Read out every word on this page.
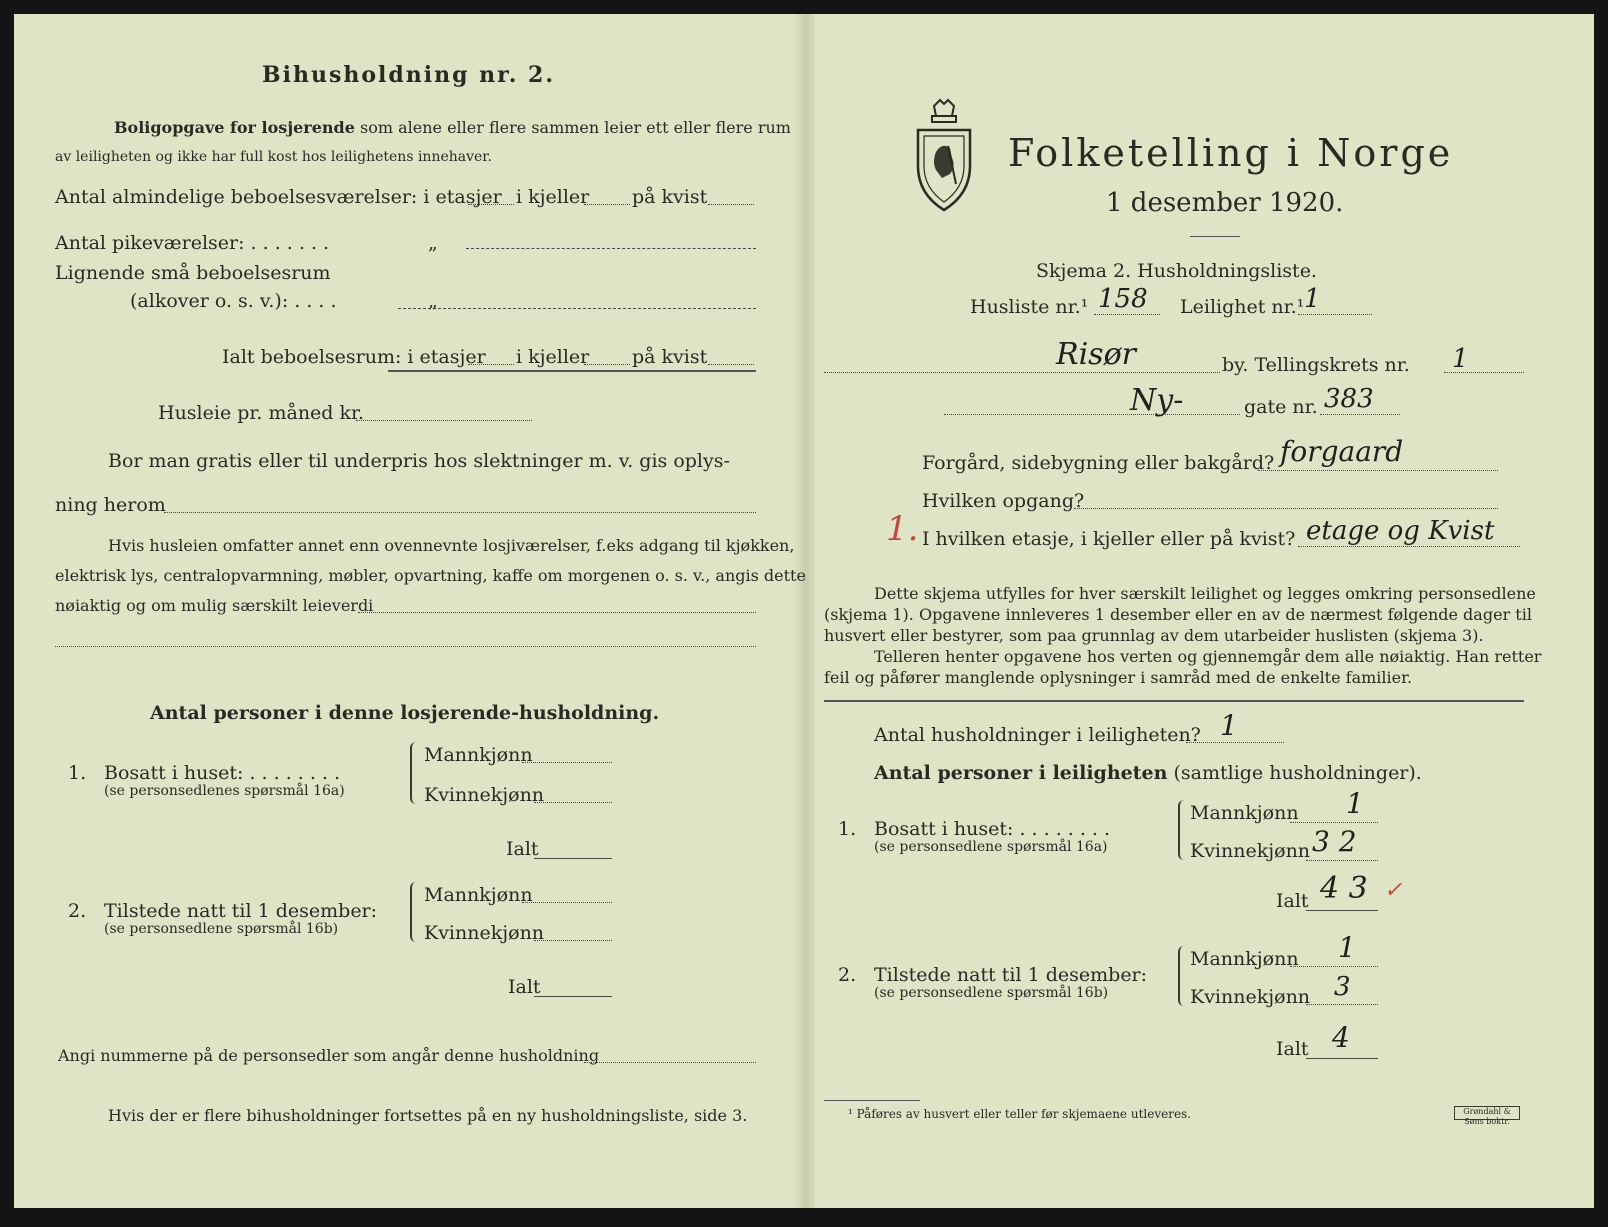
Bihusholdning nr. 2.
Boligopgave for losjerende som alene eller flere sammen leier ett eller flere rum
av leiligheten og ikke har full kost hos leilighetens innehaver.
Antal almindelige beboelsesværelser: i etasjer i kjeller på kvist
Antal pikeværelser: . . . . . . .	„
Lignende små beboelsesrum
(alkover o. s. v.): . . . .	„
Ialt beboelsesrum: i etasjer i kjeller på kvist
Husleie pr. måned kr.
Bor man gratis eller til underpris hos slektninger m. v. gis oplys-
ning herom
Hvis husleien omfatter annet enn ovennevnte losjiværelser, f.eks adgang til kjøkken,
elektrisk lys, centralopvarmning, møbler, opvartning, kaffe om morgenen o. s. v., angis dette
nøiaktig og om mulig særskilt leieverdi
Antal personer i denne losjerende-husholdning.
1. Bosatt i huset: . . . . . . . .
(se personsedlenes spørsmål 16a)
Mannkjønn
Kvinnekjønn
Ialt
2. Tilstede natt til 1 desember:
(se personsedlene spørsmål 16b)
Mannkjønn
Kvinnekjønn
Ialt
Angi nummerne på de personsedler som angår denne husholdning
Hvis der er flere bihusholdninger fortsettes på en ny husholdningsliste, side 3.
Folketelling i Norge
1 desember 1920.
Skjema 2. Husholdningsliste.
Husliste nr.¹ 158 Leilighet nr.¹ 1
Risør	by. Tellingskrets nr. 1
Ny-	gate nr. 383
Forgård, sidebygning eller bakgård? forgaard
Hvilken opgang?
1. I hvilken etasje, i kjeller eller på kvist? etage og Kvist
Dette skjema utfylles for hver særskilt leilighet og legges omkring personsedlene
(skjema 1). Opgavene innleveres 1 desember eller en av de nærmest følgende dager til
husvert eller bestyrer, som paa grunnlag av dem utarbeider huslisten (skjema 3).
Telleren henter opgavene hos verten og gjennemgår dem alle nøiaktig. Han retter
feil og påfører manglende oplysninger i samråd med de enkelte familier.
Antal husholdninger i leiligheten? 1
Antal personer i leiligheten (samtlige husholdninger).
1. Bosatt i huset: . . . . . . . .
(se personsedlene spørsmål 16a)
Mannkjønn 1
Kvinnekjønn 3 2
Ialt 4 3 ✓
2. Tilstede natt til 1 desember:
(se personsedlene spørsmål 16b)
Mannkjønn 1
Kvinnekjønn 3
Ialt 4
¹ Påføres av husvert eller teller før skjemaene utleveres.	Grøndahl & Søns boktr.
